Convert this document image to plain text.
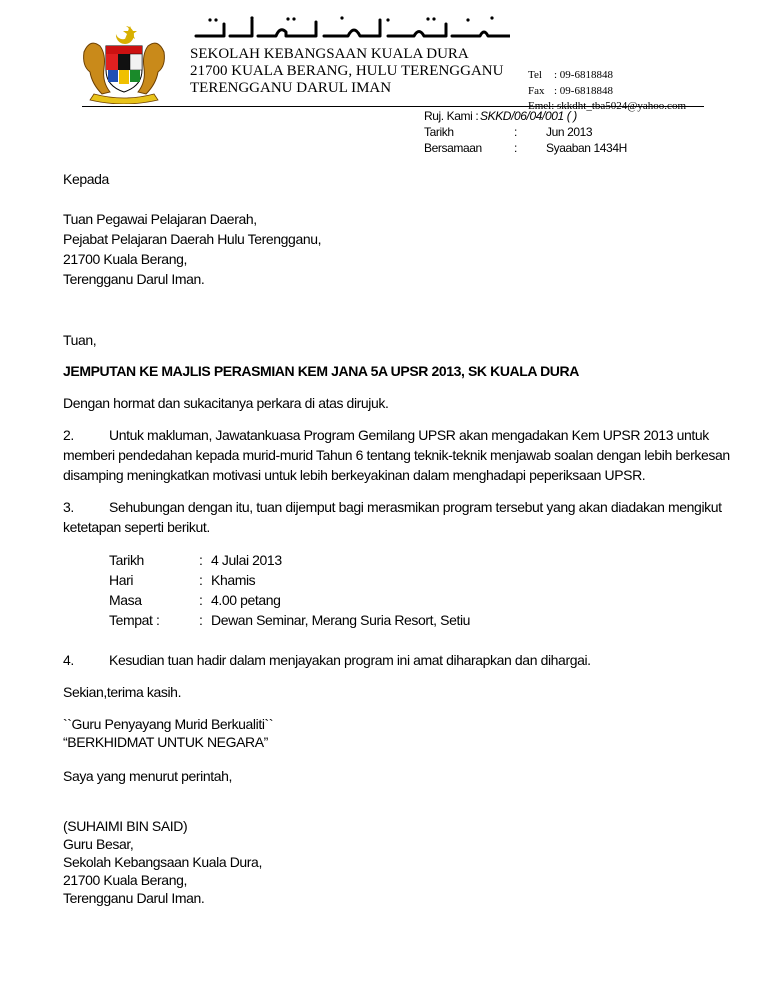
SEKOLAH KEBANGSAAN KUALA DURA
21700 KUALA BERANG, HULU TERENGGANU
TERENGGANU DARUL IMAN
Tel : 09-6818848
Fax : 09-6818848
Emel: skkdht_tba5024@yahoo.com
Ruj. Kami : SKKD/06/04/001 ( )
Tarikh	: Jun 2013
Bersamaan	: Syaaban 1434H
Kepada
Tuan Pegawai Pelajaran Daerah,
Pejabat Pelajaran Daerah Hulu Terengganu,
21700 Kuala Berang,
Terengganu Darul Iman.
Tuan,
JEMPUTAN KE MAJLIS PERASMIAN KEM JANA 5A UPSR 2013, SK KUALA DURA
Dengan hormat dan sukacitanya perkara di atas dirujuk.
2.	Untuk makluman, Jawatankuasa Program Gemilang UPSR akan mengadakan Kem UPSR 2013 untuk
memberi pendedahan kepada murid-murid Tahun 6 tentang teknik-teknik menjawab soalan dengan lebih berkesan
disamping meningkatkan motivasi untuk lebih berkeyakinan dalam menghadapi peperiksaan UPSR.
3.	Sehubungan dengan itu, tuan dijemput bagi merasmikan program tersebut yang akan diadakan mengikut
ketetapan seperti berikut.
Tarikh	: 4 Julai 2013
Hari	: Khamis
Masa	: 4.00 petang
Tempat :	: Dewan Seminar, Merang Suria Resort, Setiu
4.	Kesudian tuan hadir dalam menjayakan program ini amat diharapkan dan dihargai.
Sekian,terima kasih.
``Guru Penyayang Murid Berkualiti``
“BERKHIDMAT UNTUK NEGARA”
Saya yang menurut perintah,
(SUHAIMI BIN SAID)
Guru Besar,
Sekolah Kebangsaan Kuala Dura,
21700 Kuala Berang,
Terengganu Darul Iman.
